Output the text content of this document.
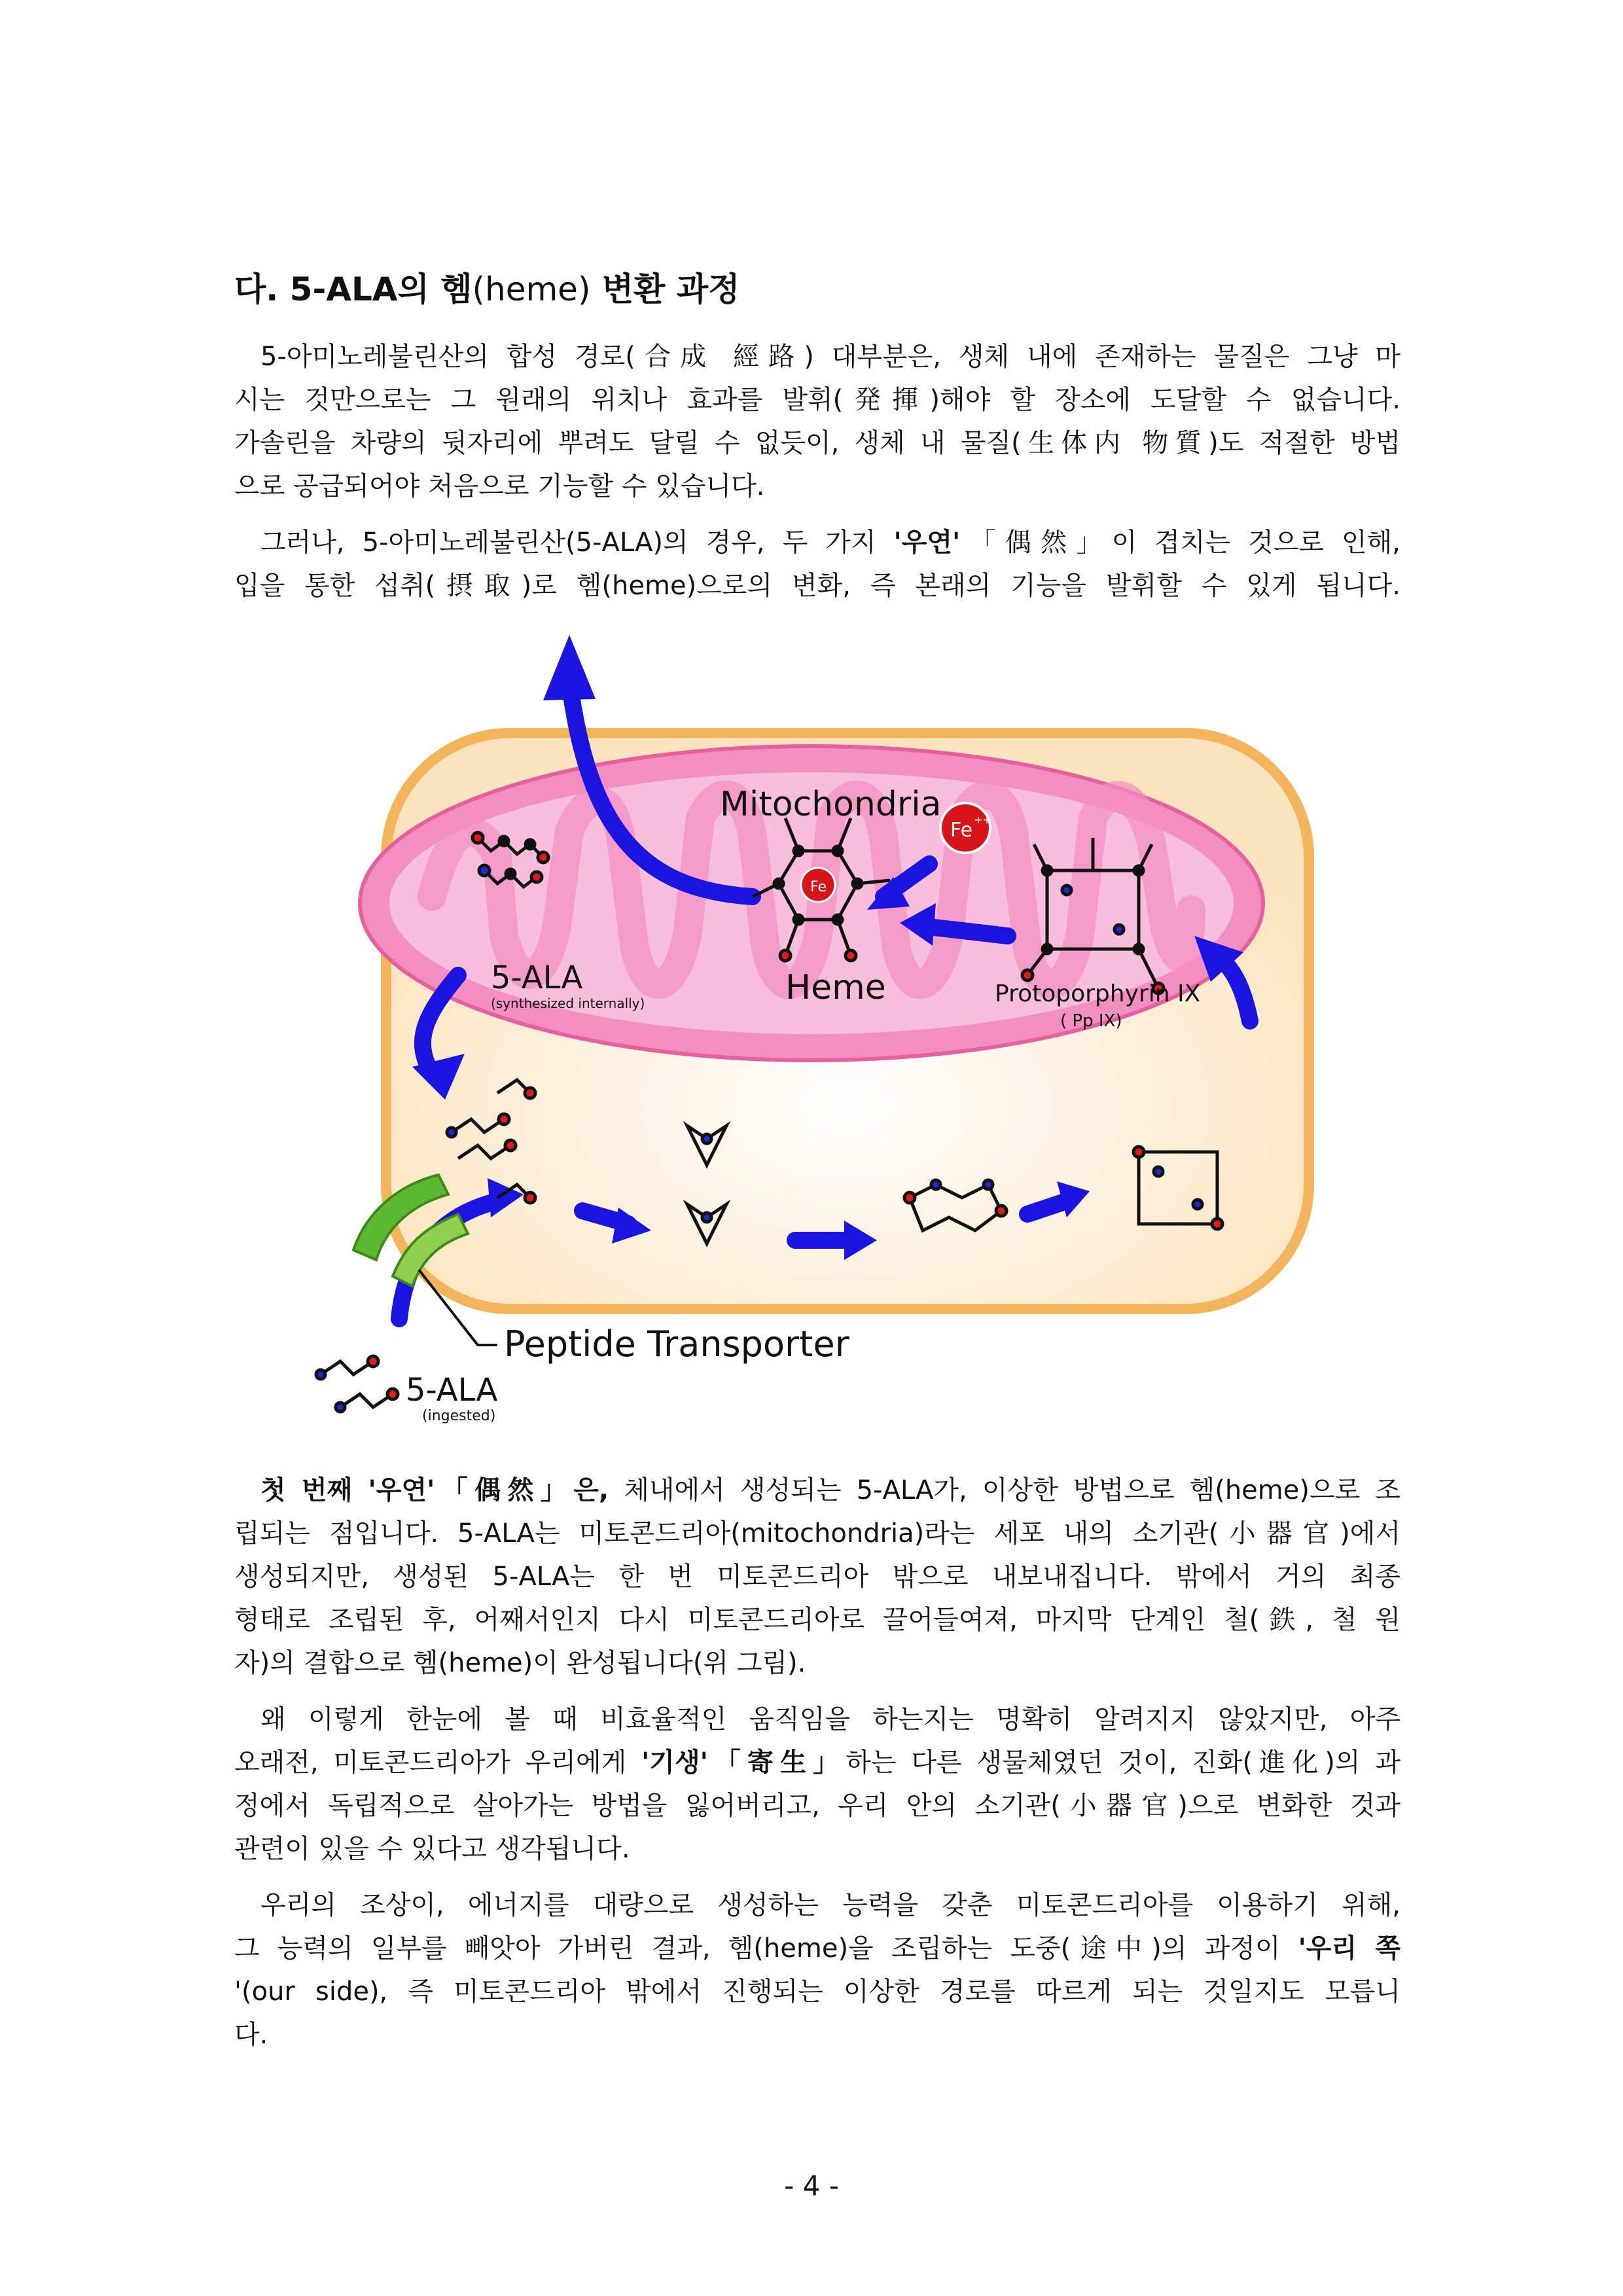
다. 5-ALA의 헴(heme) 변환 과정
5-아미노레불린산의 합성 경로(合成 經路) 대부분은, 생체 내에 존재하는 물질은 그냥 마
시는 것만으로는 그 원래의 위치나 효과를 발휘(発揮)해야 할 장소에 도달할 수 없습니다.
가솔린을 차량의 뒷자리에 뿌려도 달릴 수 없듯이, 생체 내 물질(生体内 物質)도 적절한 방법
으로 공급되어야 처음으로 기능할 수 있습니다.
그러나, 5-아미노레불린산(5-ALA)의 경우, 두 가지 '우연'「偶然」이 겹치는 것으로 인해,
입을 통한 섭취(摂取)로 헴(heme)으로의 변화, 즉 본래의 기능을 발휘할 수 있게 됩니다.
Fe
Fe ++
Mitochondria
Heme
5-ALA
(synthesized internally)	Protoporphyrin IX
( Pp IX)
Peptide Transporter
5-ALA
(ingested)
첫 번째 '우연'「偶然」은, 체내에서 생성되는 5-ALA가, 이상한 방법으로 헴(heme)으로 조
립되는 점입니다. 5-ALA는 미토콘드리아(mitochondria)라는 세포 내의 소기관(小器官)에서
생성되지만, 생성된 5-ALA는 한 번 미토콘드리아 밖으로 내보내집니다. 밖에서 거의 최종
형태로 조립된 후, 어째서인지 다시 미토콘드리아로 끌어들여져, 마지막 단계인 철(鉄, 철 원
자)의 결합으로 헴(heme)이 완성됩니다(위 그림).
왜 이렇게 한눈에 볼 때 비효율적인 움직임을 하는지는 명확히 알려지지 않았지만, 아주
오래전, 미토콘드리아가 우리에게 '기생'「寄生」하는 다른 생물체였던 것이, 진화(進化)의 과
정에서 독립적으로 살아가는 방법을 잃어버리고, 우리 안의 소기관(小器官)으로 변화한 것과
관련이 있을 수 있다고 생각됩니다.
우리의 조상이, 에너지를 대량으로 생성하는 능력을 갖춘 미토콘드리아를 이용하기 위해,
그 능력의 일부를 빼앗아 가버린 결과, 헴(heme)을 조립하는 도중(途中)의 과정이 '우리 쪽
'(our side), 즉 미토콘드리아 밖에서 진행되는 이상한 경로를 따르게 되는 것일지도 모릅니
다.
- 4 -
